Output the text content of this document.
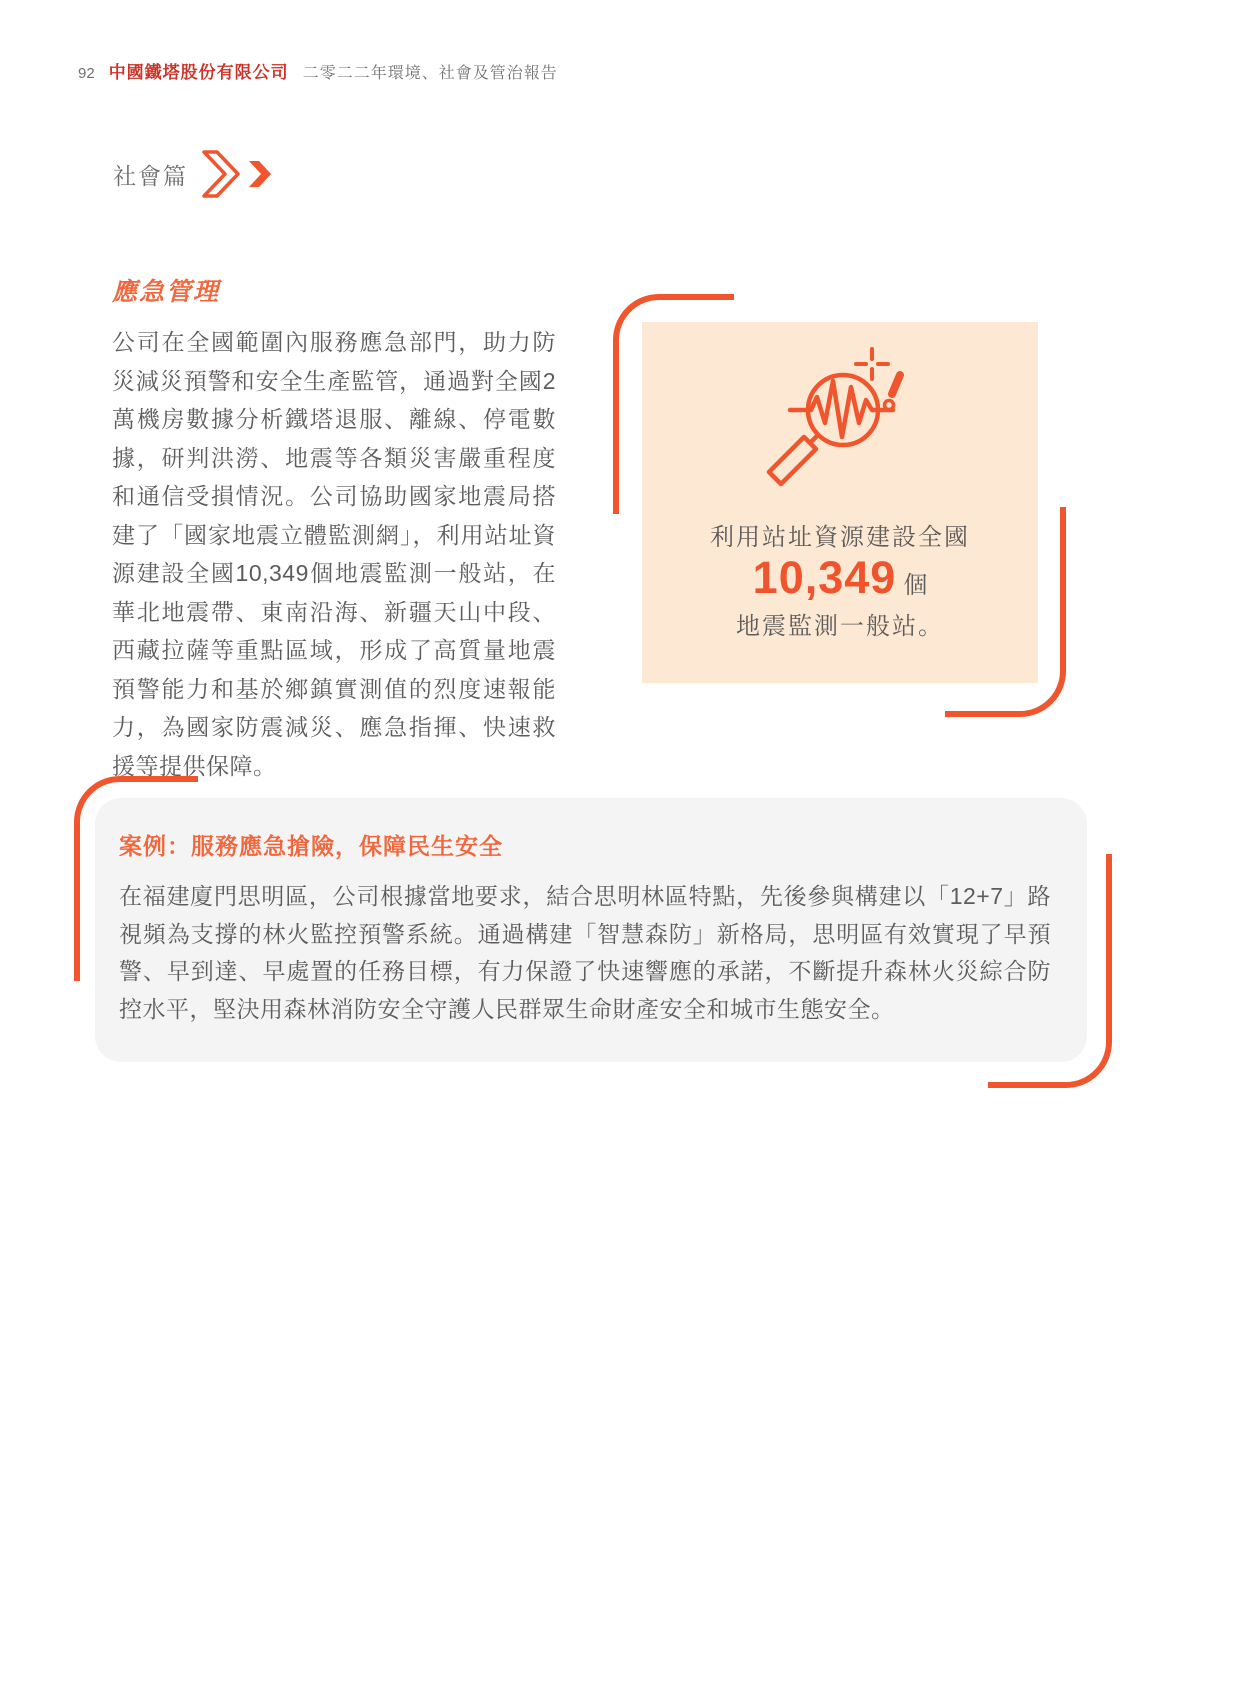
92 中國鐵塔股份有限公司 二零二二年環境、社會及管治報告
社會篇
應急管理
公司在全國範圍內服務應急部門，助力防災減災預警和安全生產監管，通過對全國2萬機房數據分析鐵塔退服、離線、停電數據，研判洪澇、地震等各類災害嚴重程度和通信受損情況。公司協助國家地震局搭建了「國家地震立體監測網」，利用站址資源建設全國10,349個地震監測一般站，在華北地震帶、東南沿海、新疆天山中段、西藏拉薩等重點區域，形成了高質量地震預警能力和基於鄉鎮實測值的烈度速報能力，為國家防震減災、應急指揮、快速救援等提供保障。
利用站址資源建設全國
10,349 個
地震監測一般站。
案例：服務應急搶險，保障民生安全
在福建廈門思明區，公司根據當地要求，結合思明林區特點，先後參與構建以「12+7」路視頻為支撐的林火監控預警系統。通過構建「智慧森防」新格局，思明區有效實現了早預警、早到達、早處置的任務目標，有力保證了快速響應的承諾，不斷提升森林火災綜合防控水平，堅決用森林消防安全守護人民群眾生命財產安全和城市生態安全。
